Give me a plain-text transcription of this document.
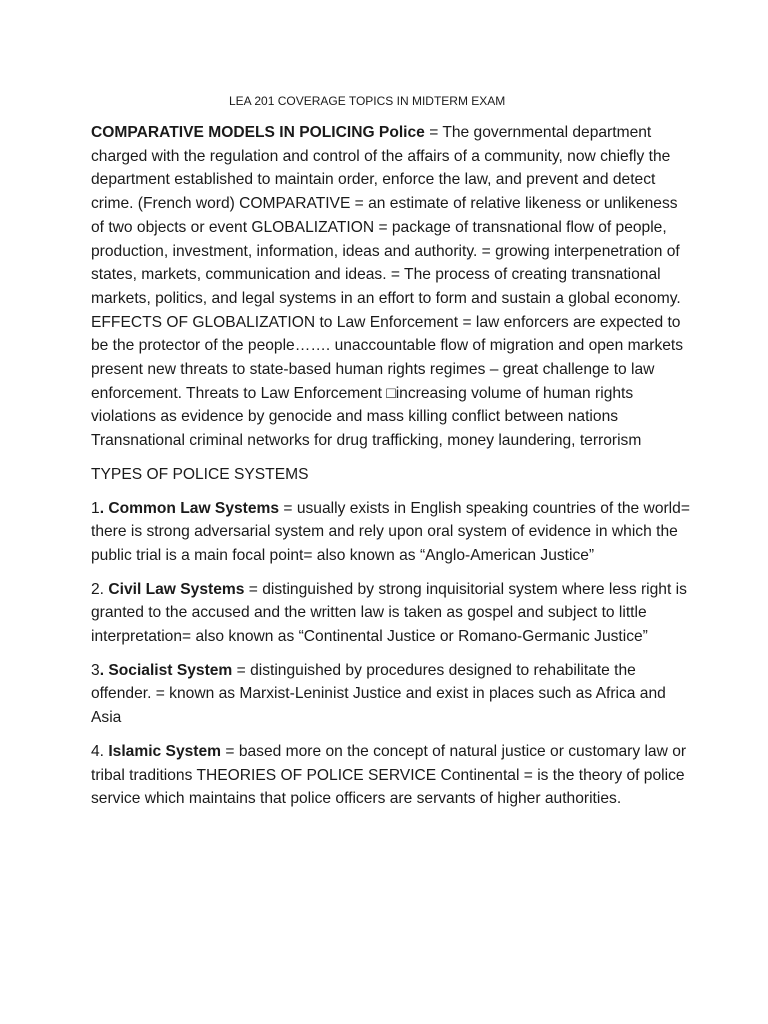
LEA 201 COVERAGE TOPICS IN MIDTERM EXAM

COMPARATIVE MODELS IN POLICING Police = The governmental department charged with the regulation and control of the affairs of a community, now chiefly the department established to maintain order, enforce the law, and prevent and detect crime. (French word) COMPARATIVE = an estimate of relative likeness or unlikeness of two objects or event GLOBALIZATION = package of transnational flow of people, production, investment, information, ideas and authority. = growing interpenetration of states, markets, communication and ideas. = The process of creating transnational markets, politics, and legal systems in an effort to form and sustain a global economy. EFFECTS OF GLOBALIZATION to Law Enforcement = law enforcers are expected to be the protector of the people……. unaccountable flow of migration and open markets present new threats to state-based human rights regimes – great challenge to law enforcement. Threats to Law Enforcement □increasing volume of human rights violations as evidence by genocide and mass killing conflict between nations Transnational criminal networks for drug trafficking, money laundering, terrorism

TYPES OF POLICE SYSTEMS

1. Common Law Systems = usually exists in English speaking countries of the world= there is strong adversarial system and rely upon oral system of evidence in which the public trial is a main focal point= also known as “Anglo-American Justice”

2. Civil Law Systems = distinguished by strong inquisitorial system where less right is granted to the accused and the written law is taken as gospel and subject to little interpretation= also known as “Continental Justice or Romano-Germanic Justice”

3. Socialist System = distinguished by procedures designed to rehabilitate the offender. = known as Marxist-Leninist Justice and exist in places such as Africa and Asia

4. Islamic System = based more on the concept of natural justice or customary law or tribal traditions THEORIES OF POLICE SERVICE Continental = is the theory of police service which maintains that police officers are servants of higher authorities.
